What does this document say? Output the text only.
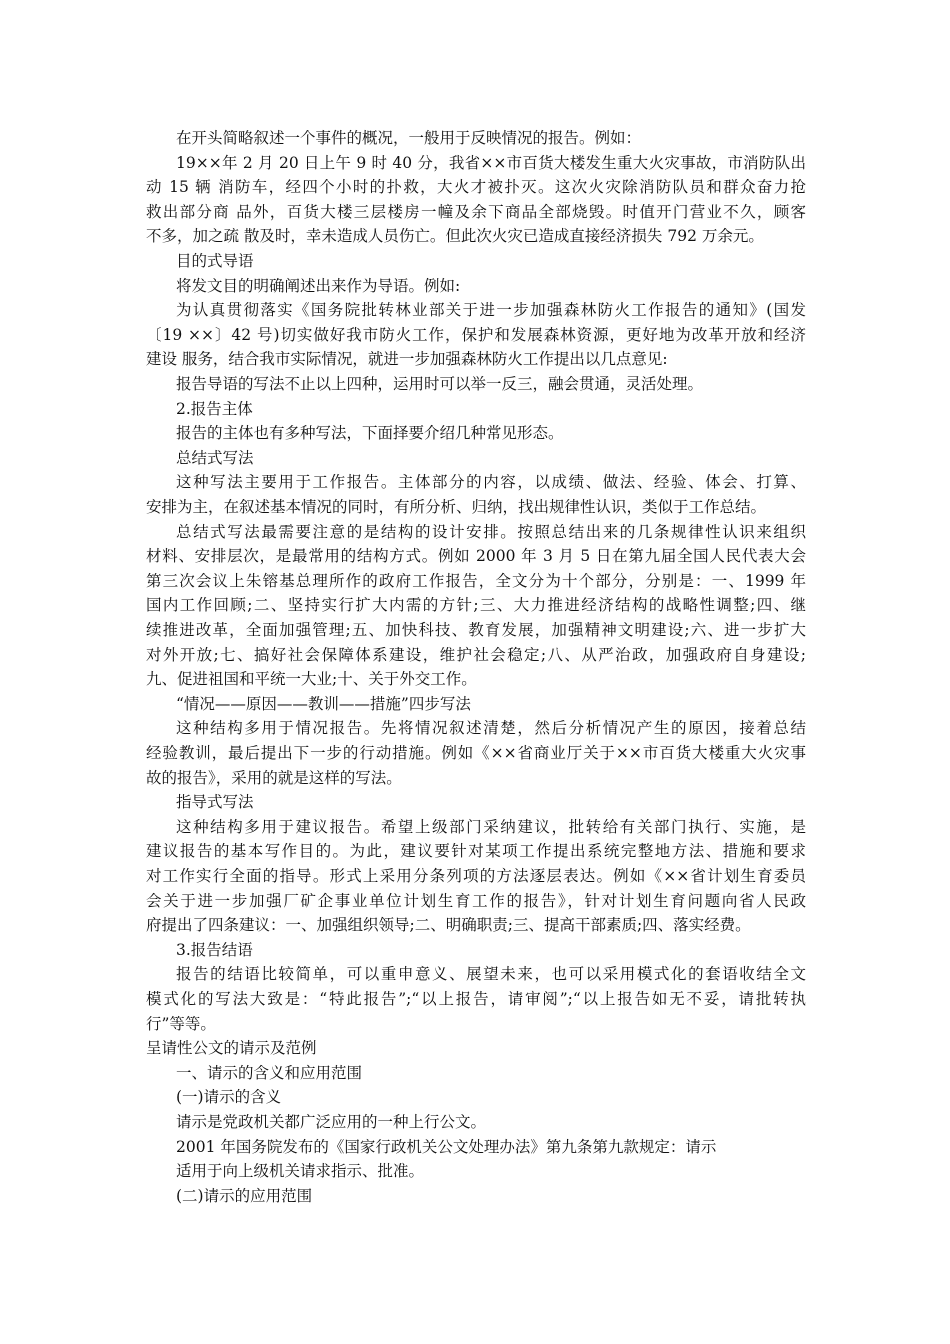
在开头简略叙述一个事件的概况，一般用于反映情况的报告。例如：
19××年 2 月 20 日上午 9 时 40 分，我省××市百货大楼发生重大火灾事故，市消防队出
动 15 辆 消防车，经四个小时的扑救，大火才被扑灭。这次火灾除消防队员和群众奋力抢
救出部分商 品外，百货大楼三层楼房一幢及余下商品全部烧毁。时值开门营业不久，顾客
不多，加之疏 散及时，幸未造成人员伤亡。但此次火灾已造成直接经济损失 792 万余元。
目的式导语
将发文目的明确阐述出来作为导语。例如:
为认真贯彻落实《国务院批转林业部关于进一步加强森林防火工作报告的通知》(国发
〔19 ××〕42 号)切实做好我市防火工作，保护和发展森林资源，更好地为改革开放和经济
建设 服务，结合我市实际情况，就进一步加强森林防火工作提出以几点意见:
报告导语的写法不止以上四种，运用时可以举一反三，融会贯通，灵活处理。
2.报告主体
报告的主体也有多种写法，下面择要介绍几种常见形态。
总结式写法
这种写法主要用于工作报告。主体部分的内容，以成绩、做法、经验、体会、打算、
安排为主，在叙述基本情况的同时，有所分析、归纳，找出规律性认识，类似于工作总结。
总结式写法最需要注意的是结构的设计安排。按照总结出来的几条规律性认识来组织
材料、安排层次，是最常用的结构方式。例如 2000 年 3 月 5 日在第九届全国人民代表大会
第三次会议上朱镕基总理所作的政府工作报告，全文分为十个部分，分别是：一、1999 年
国内工作回顾;二、坚持实行扩大内需的方针;三、大力推进经济结构的战略性调整;四、继
续推进改革，全面加强管理;五、加快科技、教育发展，加强精神文明建设;六、进一步扩大
对外开放;七、搞好社会保障体系建设，维护社会稳定;八、从严治政，加强政府自身建设;
九、促进祖国和平统一大业;十、关于外交工作。
“情况——原因——教训——措施”四步写法
这种结构多用于情况报告。先将情况叙述清楚，然后分析情况产生的原因，接着总结
经验教训，最后提出下一步的行动措施。例如《××省商业厅关于××市百货大楼重大火灾事
故的报告》，采用的就是这样的写法。
指导式写法
这种结构多用于建议报告。希望上级部门采纳建议，批转给有关部门执行、实施，是
建议报告的基本写作目的。为此，建议要针对某项工作提出系统完整地方法、措施和要求
对工作实行全面的指导。形式上采用分条列项的方法逐层表达。例如《××省计划生育委员
会关于进一步加强厂矿企事业单位计划生育工作的报告》，针对计划生育问题向省人民政
府提出了四条建议：一、加强组织领导;二、明确职责;三、提高干部素质;四、落实经费。
3.报告结语
报告的结语比较简单，可以重申意义、展望未来，也可以采用模式化的套语收结全文
模式化的写法大致是：“特此报告”;“以上报告，请审阅”;“以上报告如无不妥，请批转执
行”等等。
呈请性公文的请示及范例
一、请示的含义和应用范围
(一)请示的含义
请示是党政机关都广泛应用的一种上行公文。
2001 年国务院发布的《国家行政机关公文处理办法》第九条第九款规定：请示
适用于向上级机关请求指示、批准。
(二)请示的应用范围
